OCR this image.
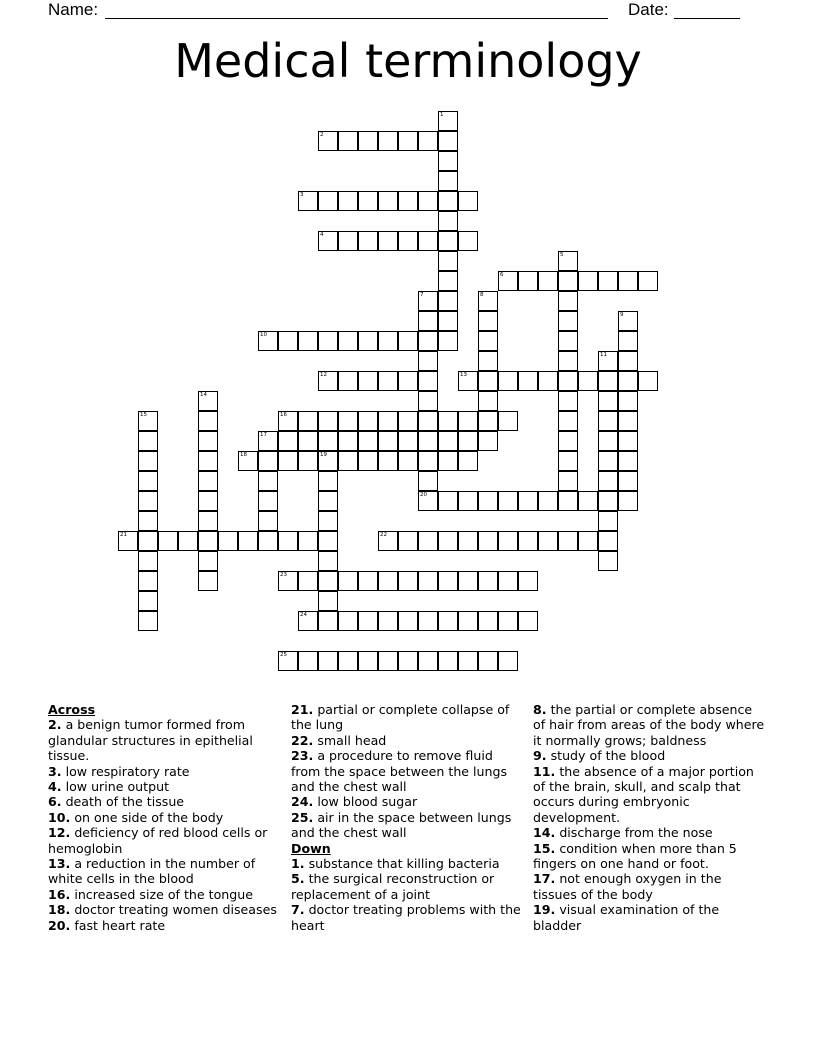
Name:	Date:
Medical terminology
1
2
3
4
5
6
7
20
8
9
10
11
12	13
14
15	16
17
18	19
21	22
23
24
25
Across
2. a benign tumor formed from glandular structures in epithelial tissue.
3. low respiratory rate
4. low urine output
6. death of the tissue
10. on one side of the body
12. deficiency of red blood cells or hemoglobin
13. a reduction in the number of white cells in the blood
16. increased size of the tongue
18. doctor treating women diseases
20. fast heart rate
21. partial or complete collapse of the lung
22. small head
23. a procedure to remove fluid from the space between the lungs and the chest wall
24. low blood sugar
25. air in the space between lungs and the chest wall
Down
1. substance that killing bacteria
5. the surgical reconstruction or replacement of a joint
7. doctor treating problems with the heart
8. the partial or complete absence of hair from areas of the body where it normally grows; baldness
9. study of the blood
11. the absence of a major portion of the brain, skull, and scalp that occurs during embryonic development.
14. discharge from the nose
15. condition when more than 5 fingers on one hand or foot.
17. not enough oxygen in the tissues of the body
19. visual examination of the bladder
